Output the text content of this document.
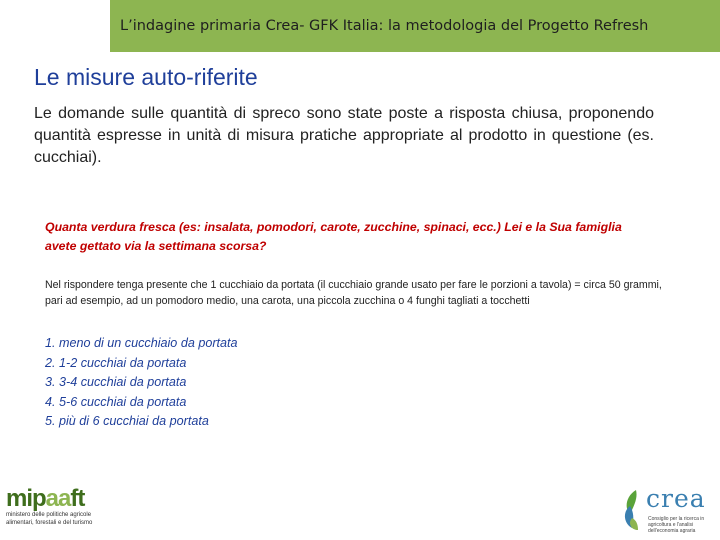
L’indagine primaria Crea- GFK Italia: la metodologia del Progetto Refresh
Le misure auto-riferite

Le domande sulle quantità di spreco sono state poste a risposta chiusa, proponendo quantità espresse in unità di misura pratiche appropriate al prodotto in questione (es. cucchiai).

Quanta verdura fresca (es: insalata, pomodori, carote, zucchine, spinaci, ecc.) Lei e la Sua famiglia avete gettato via la settimana scorsa?

Nel rispondere tenga presente che 1 cucchiaio da portata (il cucchiaio grande usato per fare le porzioni a tavola) = circa 50 grammi, pari ad esempio, ad un pomodoro medio, una carota, una piccola zucchina o 4 funghi tagliati a tocchetti

1. meno di un cucchiaio da portata
2. 1-2 cucchiai da portata
3. 3-4 cucchiai da portata
4. 5-6 cucchiai da portata
5. più di 6 cucchiai da portata
mipaaft
ministero delle politiche agricole alimentari, forestali e del turismo
crea
Consiglio per la ricerca in agricoltura e l'analisi dell'economia agraria
